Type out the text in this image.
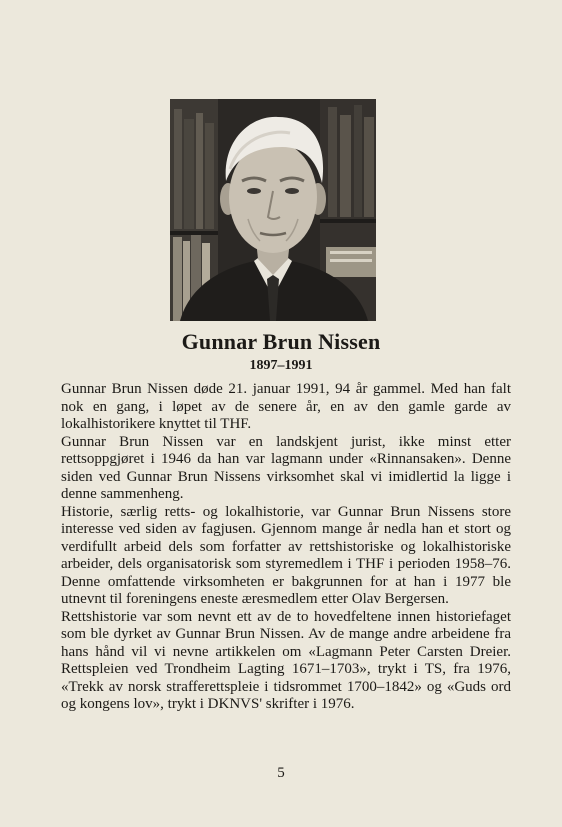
Gunnar Brun Nissen
1897–1991

Gunnar Brun Nissen døde 21. januar 1991, 94 år gammel. Med han falt nok en gang, i løpet av de senere år, en av den gamle garde av lokalhistorikere knyttet til THF.

Gunnar Brun Nissen var en landskjent jurist, ikke minst etter rettsoppgjøret i 1946 da han var lagmann under «Rinnansaken». Denne siden ved Gunnar Brun Nissens virksomhet skal vi imidlertid la ligge i denne sammenheng.

Historie, særlig retts- og lokalhistorie, var Gunnar Brun Nissens store interesse ved siden av fagjusen. Gjennom mange år nedla han et stort og verdifullt arbeid dels som forfatter av rettshistoriske og lokalhistoriske arbeider, dels organisatorisk som styremedlem i THF i perioden 1958–76. Denne omfattende virksomheten er bakgrunnen for at han i 1977 ble utnevnt til foreningens eneste æresmedlem etter Olav Bergersen.

Rettshistorie var som nevnt ett av de to hovedfeltene innen historiefaget som ble dyrket av Gunnar Brun Nissen. Av de mange andre arbeidene fra hans hånd vil vi nevne artikkelen om «Lagmann Peter Carsten Dreier. Rettspleien ved Trondheim Lagting 1671–1703», trykt i TS, fra 1976, «Trekk av norsk strafferettspleie i tidsrommet 1700–1842» og «Guds ord og kongens lov», trykt i DKNVS' skrifter i 1976.

5
